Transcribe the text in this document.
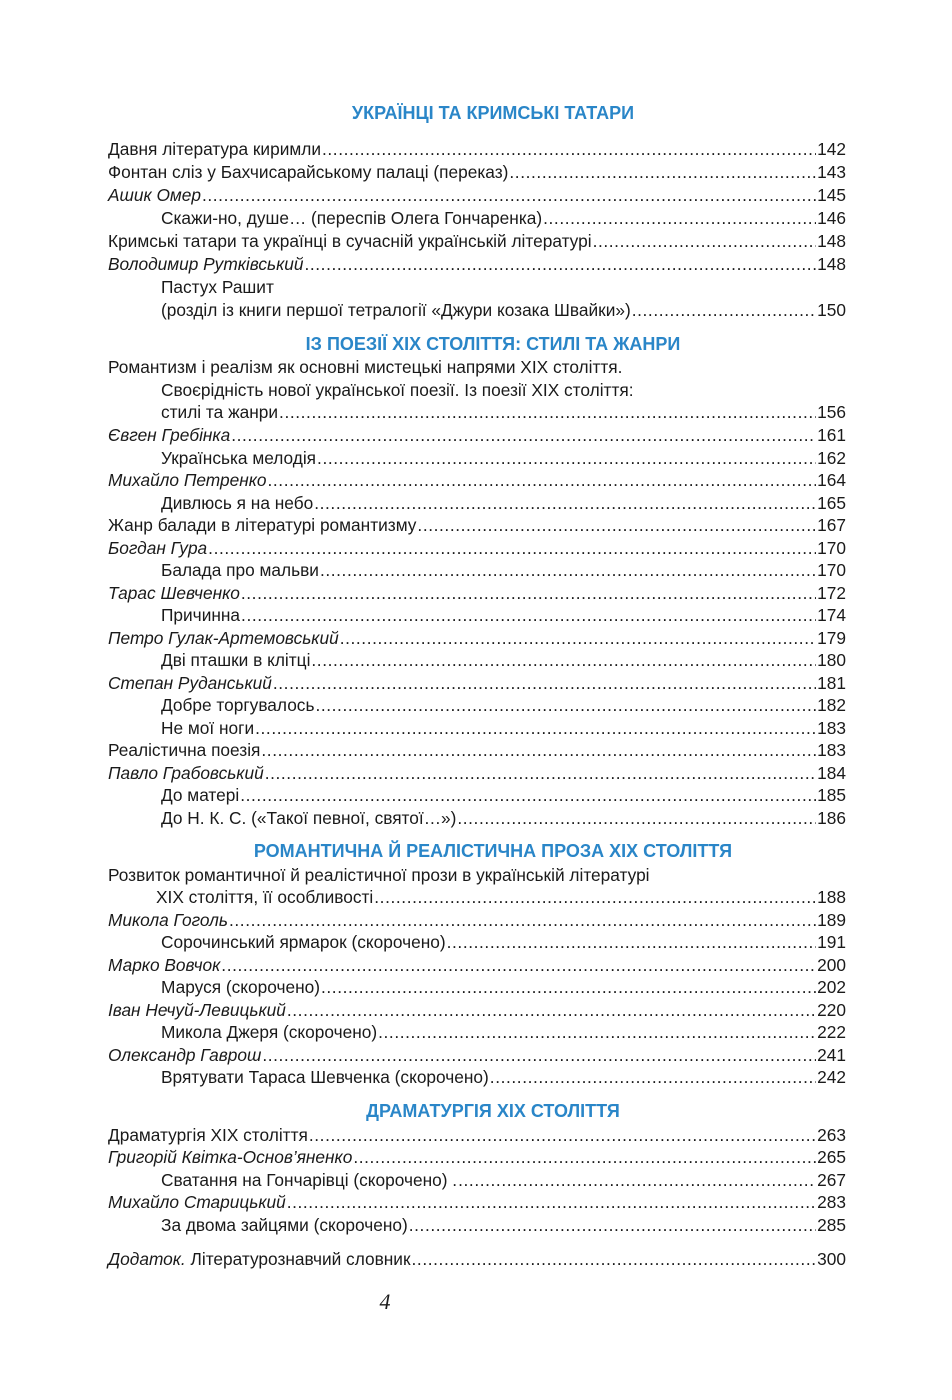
УКРАЇНЦІ ТА КРИМСЬКІ ТАТАРИ
Давня література киримли .....	142
Фонтан сліз у Бахчисарайському палаці (переказ) .....	143
Ашик Омер .....	145
Скажи-но, душе… (переспів Олега Гончаренка) .....	146
Кримські татари та українці в сучасній українській літературі .....	148
Володимир Рутківський .....	148
Пастух Рашит
(розділ із книги першої тетралогії «Джури козака Швайки») .....	150
ІЗ ПОЕЗІЇ ХІХ СТОЛІТТЯ: СТИЛІ ТА ЖАНРИ
Романтизм і реалізм як основні мистецькі напрями ХІХ століття.
Своєрідність нової української поезії. Із поезії ХІХ століття:
стилі та жанри .....	156
Євген Гребінка .....	161
Українська мелодія .....	162
Михайло Петренко .....	164
Дивлюсь я на небо .....	165
Жанр балади в літературі романтизму .....	167
Богдан Гура .....	170
Балада про мальви .....	170
Тарас Шевченко .....	172
Причинна .....	174
Петро Гулак-Артемовський .....	179
Дві пташки в клітці .....	180
Степан Руданський .....	181
Добре торгувалось .....	182
Не мої ноги .....	183
Реалістична поезія .....	183
Павло Грабовський .....	184
До матері .....	185
До Н. К. С. («Такої певної, святої…») .....	186
РОМАНТИЧНА Й РЕАЛІСТИЧНА ПРОЗА ХІХ СТОЛІТТЯ
Розвиток романтичної й реалістичної прози в українській літературі
ХІХ століття, її особливості .....	188
Микола Гоголь .....	189
Сорочинський ярмарок (скорочено) .....	191
Марко Вовчок .....	200
Маруся (скорочено) .....	202
Іван Нечуй-Левицький .....	220
Микола Джеря (скорочено) .....	222
Олександр Гаврош .....	241
Врятувати Тараса Шевченка (скорочено) .....	242
ДРАМАТУРГІЯ ХІХ СТОЛІТТЯ
Драматургія ХІХ століття .....	263
Григорій Квітка-Основ’яненко .....	265
Сватання на Гончарівці (скорочено) . .....	267
Михайло Старицький .....	283
За двома зайцями (скорочено) .....	285
Додаток. Літературознавчий словник .....	300
4
